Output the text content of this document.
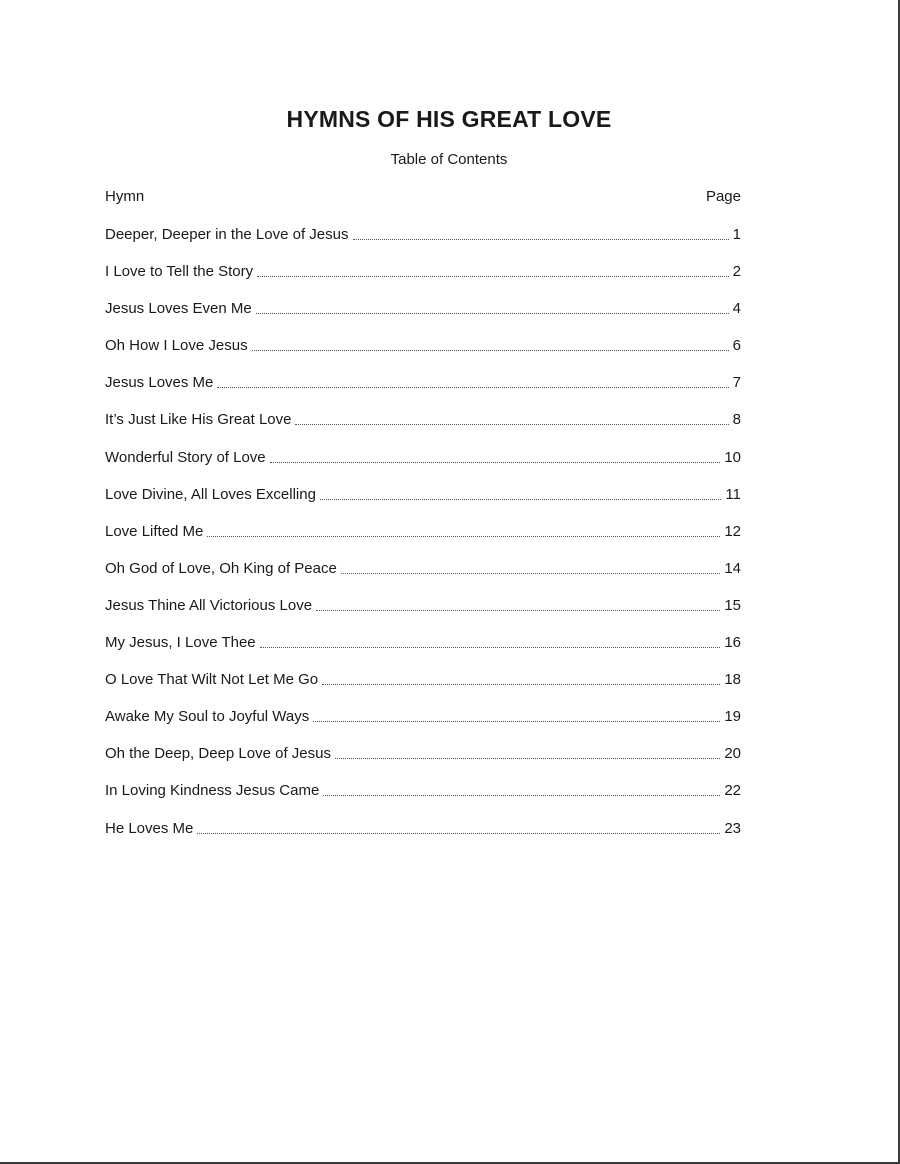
HYMNS OF HIS GREAT LOVE
Table of Contents
Hymn	Page
Deeper, Deeper in the Love of Jesus	1
I Love to Tell the Story	2
Jesus Loves Even Me	4
Oh How I Love Jesus	6
Jesus Loves Me	7
It’s Just Like His Great Love	8
Wonderful Story of Love	10
Love Divine, All Loves Excelling	11
Love Lifted Me	12
Oh God of Love, Oh King of Peace	14
Jesus Thine All Victorious Love	15
My Jesus, I Love Thee	16
O Love That Wilt Not Let Me Go	18
Awake My Soul to Joyful Ways	19
Oh the Deep, Deep Love of Jesus	20
In Loving Kindness Jesus Came	22
He Loves Me	23
